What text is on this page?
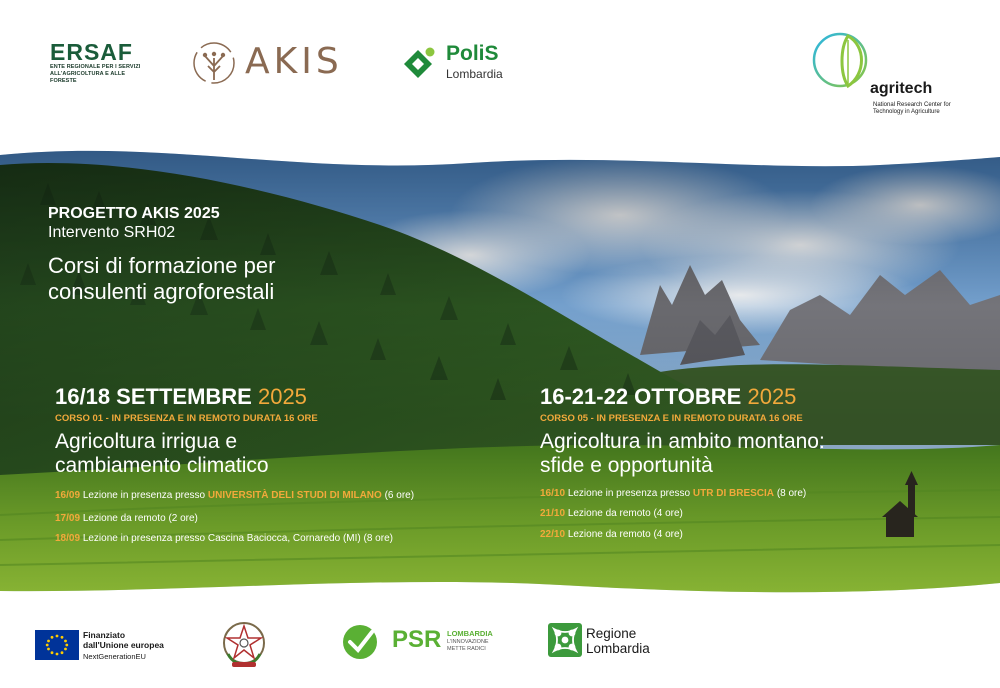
ERSAF
ENTE REGIONALE PER I SERVIZI
ALL'AGRICOLTURA E ALLE FORESTE	AKIS	PoliS
Lombardia
agritech
National Research Center for
Technology in Agriculture
PROGETTO AKIS 2025
Intervento SRH02
Corsi di formazione per
consulenti agroforestali
16/18 SETTEMBRE 2025
CORSO 01 - IN PRESENZA E IN REMOTO DURATA 16 ORE
Agricoltura irrigua e
cambiamento climatico
16/09 Lezione in presenza presso UNIVERSITÀ DELI STUDI DI MILANO (6 ore)
17/09 Lezione da remoto (2 ore)
18/09 Lezione in presenza presso Cascina Baciocca, Cornaredo (MI) (8 ore)
16-21-22 OTTOBRE 2025
CORSO 05 - IN PRESENZA E IN REMOTO DURATA 16 ORE
Agricoltura in ambito montano:
sfide e opportunità
16/10 Lezione in presenza presso UTR DI BRESCIA (8 ore)
21/10 Lezione da remoto (4 ore)
22/10 Lezione da remoto (4 ore)
Finanziato
dall'Unione europea
NextGenerationEU
PSR LOMBARDIA
L'INNOVAZIONE
METTE RADICI
Regione
Lombardia
